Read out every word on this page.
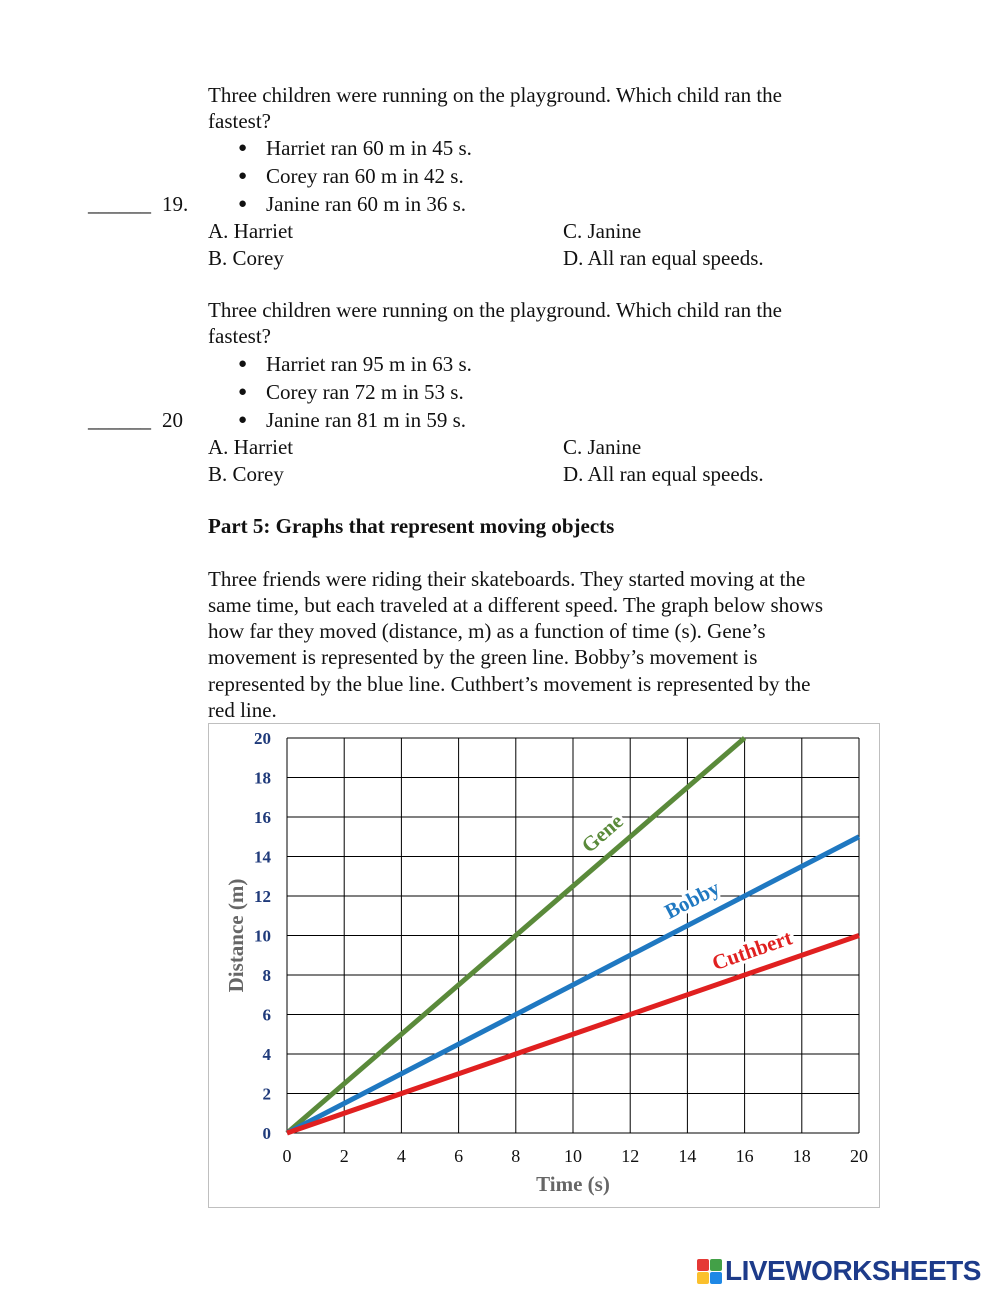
Three children were running on the playground. Which child ran the
fastest?
● Harriet ran 60 m in 45 s.
● Corey ran 60 m in 42 s.
______ 19.	● Janine ran 60 m in 36 s.
A. Harriet	C. Janine
B. Corey	D. All ran equal speeds.
Three children were running on the playground. Which child ran the
fastest?
● Harriet ran 95 m in 63 s.
● Corey ran 72 m in 53 s.
______ 20	● Janine ran 81 m in 59 s.
A. Harriet	C. Janine
B. Corey	D. All ran equal speeds.
Part 5: Graphs that represent moving objects
Three friends were riding their skateboards. They started moving at the
same time, but each traveled at a different speed. The graph below shows
how far they moved (distance, m) as a function of time (s). Gene’s
movement is represented by the green line. Bobby’s movement is
represented by the blue line. Cuthbert’s movement is represented by the
red line.
0	2	4	6	8 10 12 14 16 18 20
0
2
4
6
8
10
12
14
16
18
20
Time (s)
Distance (m)
Gene
Bobby
Cuthbert
LIVEWORKSHEETS
